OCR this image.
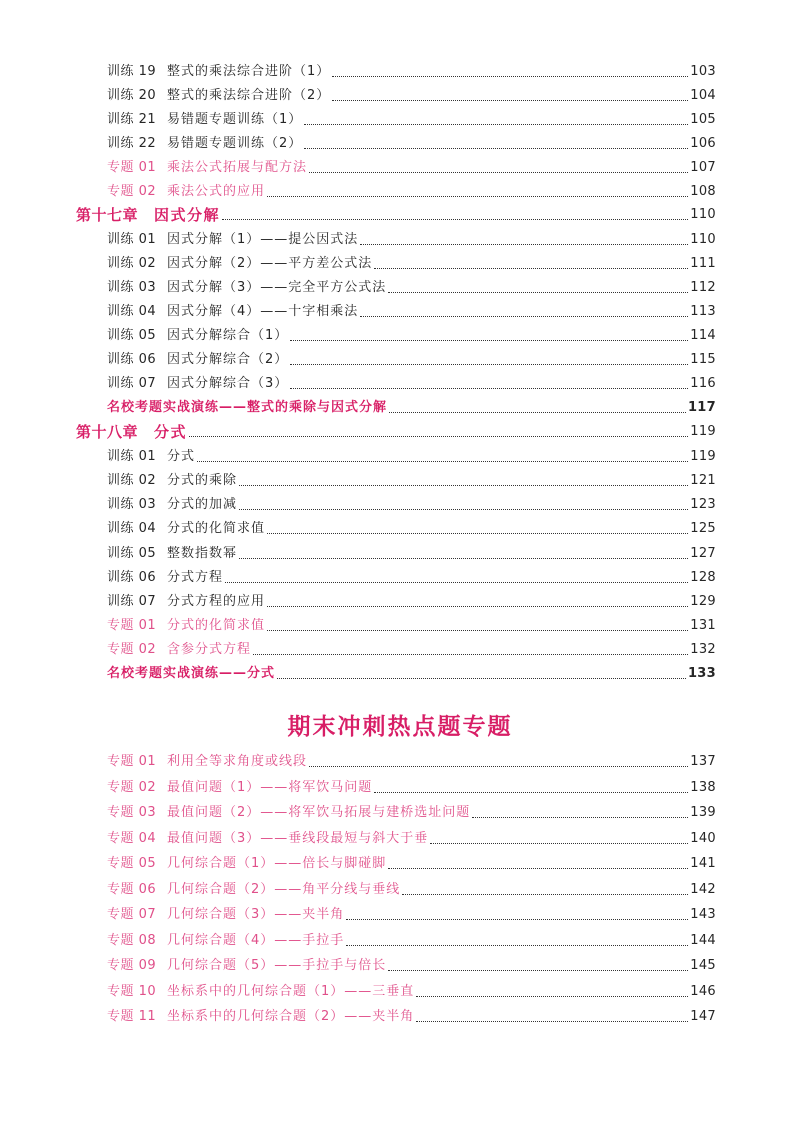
训练 19 整式的乘法综合进阶（1）	103
训练 20 整式的乘法综合进阶（2）	104
训练 21 易错题专题训练（1）	105
训练 22 易错题专题训练（2）	106
专题 01 乘法公式拓展与配方法	107
专题 02 乘法公式的应用	108
第十七章	因式分解	110
训练 01 因式分解（1）——提公因式法	110
训练 02 因式分解（2）——平方差公式法	111
训练 03 因式分解（3）——完全平方公式法	112
训练 04 因式分解（4）——十字相乘法	113
训练 05 因式分解综合（1）	114
训练 06 因式分解综合（2）	115
训练 07 因式分解综合（3）	116
名校考题实战演练——整式的乘除与因式分解	117
第十八章	分式	119
训练 01 分式	119
训练 02 分式的乘除	121
训练 03 分式的加减	123
训练 04 分式的化简求值	125
训练 05 整数指数幂	127
训练 06 分式方程	128
训练 07 分式方程的应用	129
专题 01 分式的化简求值	131
专题 02 含参分式方程	132
名校考题实战演练——分式	133
期末冲刺热点题专题
专题 01 利用全等求角度或线段	137
专题 02 最值问题（1）——将军饮马问题	138
专题 03 最值问题（2）——将军饮马拓展与建桥选址问题	139
专题 04 最值问题（3）——垂线段最短与斜大于垂	140
专题 05 几何综合题（1）——倍长与脚碰脚	141
专题 06 几何综合题（2）——角平分线与垂线	142
专题 07 几何综合题（3）——夹半角	143
专题 08 几何综合题（4）——手拉手	144
专题 09 几何综合题（5）——手拉手与倍长	145
专题 10 坐标系中的几何综合题（1）——三垂直	146
专题 11 坐标系中的几何综合题（2）——夹半角	147
